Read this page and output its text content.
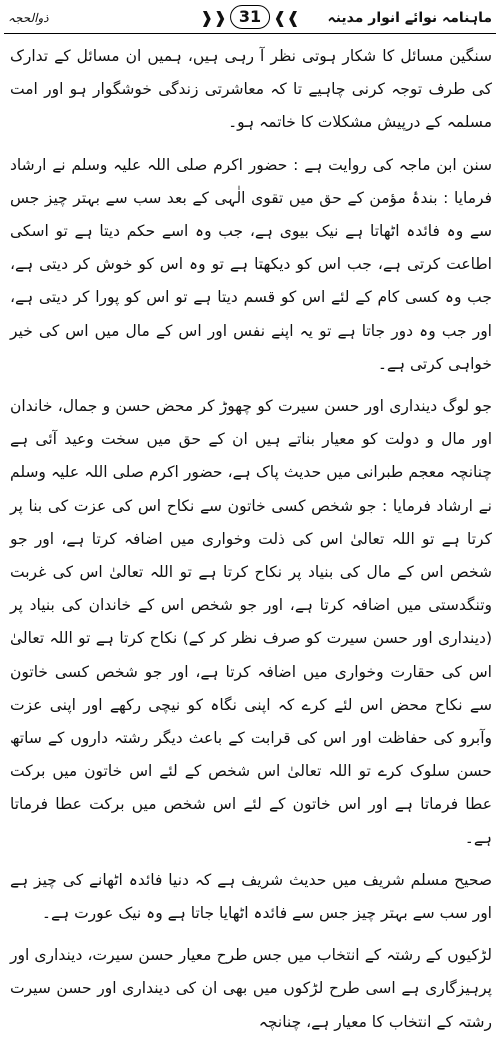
ماہنامہ نوائے انوار مدینہ
❱❱
31
❰❰
ذوالحجہ

سنگین مسائل کا شکار ہوتی نظر آ رہی ہیں، ہمیں ان مسائل کے تدارک کی طرف توجہ کرنی چاہیے تا کہ معاشرتی زندگی خوشگوار ہو اور امت مسلمہ کے درپیش مشکلات کا خاتمہ ہو۔

سنن ابن ماجہ کی روایت ہے : حضور اکرم صلی اللہ علیہ وسلم نے ارشاد فرمایا : بندۂ مؤمن کے حق میں تقوی الٰہی کے بعد سب سے بہتر چیز جس سے وہ فائدہ اٹھاتا ہے نیک بیوی ہے، جب وہ اسے حکم دیتا ہے تو اسکی اطاعت کرتی ہے، جب اس کو دیکھتا ہے تو وہ اس کو خوش کر دیتی ہے، جب وہ کسی کام کے لئے اس کو قسم دیتا ہے تو اس کو پورا کر دیتی ہے، اور جب وہ دور جاتا ہے تو یہ اپنے نفس اور اس کے مال میں اس کی خیر خواہی کرتی ہے۔

جو لوگ دینداری اور حسن سیرت کو چھوڑ کر محض حسن و جمال، خاندان اور مال و دولت کو معیار بناتے ہیں ان کے حق میں سخت وعید آئی ہے چنانچہ معجم طبرانی میں حدیث پاک ہے، حضور اکرم صلی اللہ علیہ وسلم نے ارشاد فرمایا : جو شخص کسی خاتون سے نکاح اس کی عزت کی بنا پر کرتا ہے تو اللہ تعالیٰ اس کی ذلت وخواری میں اضافہ کرتا ہے، اور جو شخص اس کے مال کی بنیاد پر نکاح کرتا ہے تو اللہ تعالیٰ اس کی غربت وتنگدستی میں اضافہ کرتا ہے، اور جو شخص اس کے خاندان کی بنیاد پر (دینداری اور حسن سیرت کو صرف نظر کر کے) نکاح کرتا ہے تو اللہ تعالیٰ اس کی حقارت وخواری میں اضافہ کرتا ہے، اور جو شخص کسی خاتون سے نکاح محض اس لئے کرے کہ اپنی نگاہ کو نیچی رکھے اور اپنی عزت وآبرو کی حفاظت اور اس کی قرابت کے باعث دیگر رشتہ داروں کے ساتھ حسن سلوک کرے تو اللہ تعالیٰ اس شخص کے لئے اس خاتون میں برکت عطا فرماتا ہے اور اس خاتون کے لئے اس شخص میں برکت عطا فرماتا ہے۔

صحیح مسلم شریف میں حدیث شریف ہے کہ دنیا فائدہ اٹھانے کی چیز ہے اور سب سے بہتر چیز جس سے فائدہ اٹھایا جاتا ہے وہ نیک عورت ہے۔

لڑکیوں کے رشتہ کے انتخاب میں جس طرح معیار حسن سیرت، دینداری اور پرہیزگاری ہے اسی طرح لڑکوں میں بھی ان کی دینداری اور حسن سیرت رشتہ کے انتخاب کا معیار ہے، چنانچہ
